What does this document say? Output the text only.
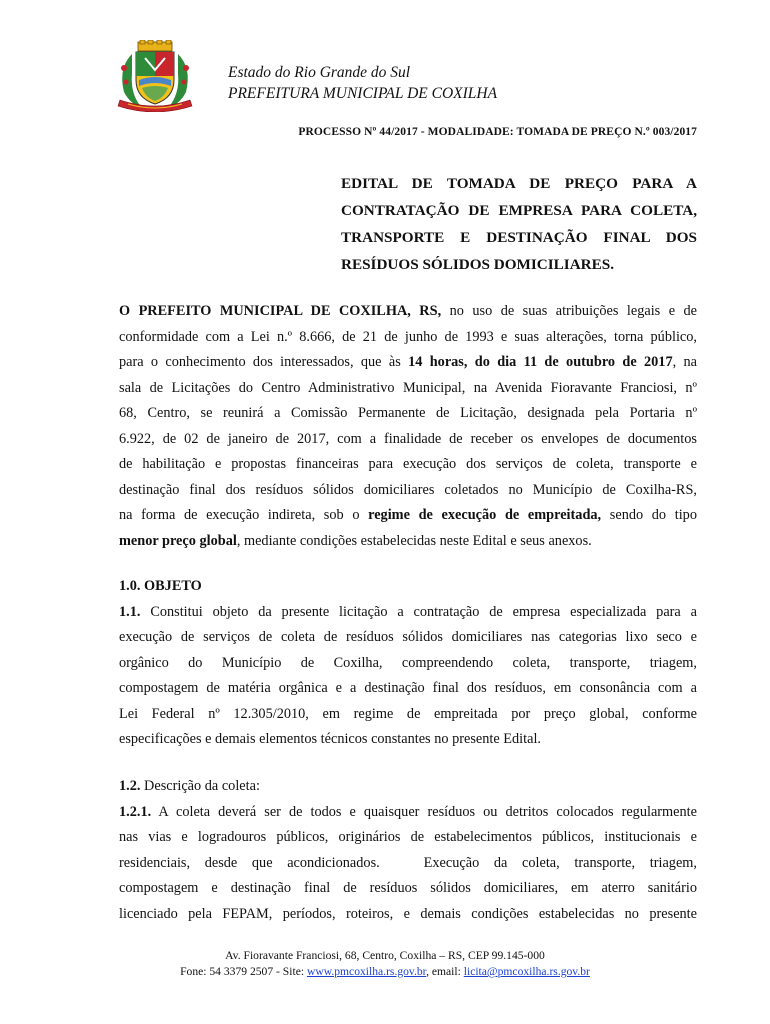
Estado do Rio Grande do Sul
PREFEITURA MUNICIPAL DE COXILHA
PROCESSO Nº 44/2017 - MODALIDADE: TOMADA DE PREÇO N.º 003/2017
EDITAL DE TOMADA DE PREÇO PARA A
CONTRATAÇÃO DE EMPRESA PARA COLETA,
TRANSPORTE E DESTINAÇÃO FINAL DOS
RESÍDUOS SÓLIDOS DOMICILIARES.
O PREFEITO MUNICIPAL DE COXILHA, RS, no uso de suas atribuições legais e de
conformidade com a Lei n.º 8.666, de 21 de junho de 1993 e suas alterações, torna público,
para o conhecimento dos interessados, que às 14 horas, do dia 11 de outubro de 2017, na
sala de Licitações do Centro Administrativo Municipal, na Avenida Fioravante Franciosi, nº
68, Centro, se reunirá a Comissão Permanente de Licitação, designada pela Portaria nº
6.922, de 02 de janeiro de 2017, com a finalidade de receber os envelopes de documentos
de habilitação e propostas financeiras para execução dos serviços de coleta, transporte e
destinação final dos resíduos sólidos domiciliares coletados no Município de Coxilha-RS,
na forma de execução indireta, sob o regime de execução de empreitada, sendo do tipo
menor preço global, mediante condições estabelecidas neste Edital e seus anexos.
1.0. OBJETO
1.1. Constitui objeto da presente licitação a contratação de empresa especializada para a
execução de serviços de coleta de resíduos sólidos domiciliares nas categorias lixo seco e
orgânico do Município de Coxilha, compreendendo coleta, transporte, triagem,
compostagem de matéria orgânica e a destinação final dos resíduos, em consonância com a
Lei Federal nº 12.305/2010, em regime de empreitada por preço global, conforme
especificações e demais elementos técnicos constantes no presente Edital.
1.2. Descrição da coleta:
1.2.1. A coleta deverá ser de todos e quaisquer resíduos ou detritos colocados regularmente
nas vias e logradouros públicos, originários de estabelecimentos públicos, institucionais e
residenciais, desde que acondicionados.   Execução da coleta, transporte, triagem,
compostagem e destinação final de resíduos sólidos domiciliares, em aterro sanitário
licenciado pela FEPAM, períodos, roteiros, e demais condições estabelecidas no presente
Av. Fioravante Franciosi, 68, Centro, Coxilha – RS, CEP 99.145-000
Fone: 54 3379 2507 - Site: www.pmcoxilha.rs.gov.br, email: licita@pmcoxilha.rs.gov.br
